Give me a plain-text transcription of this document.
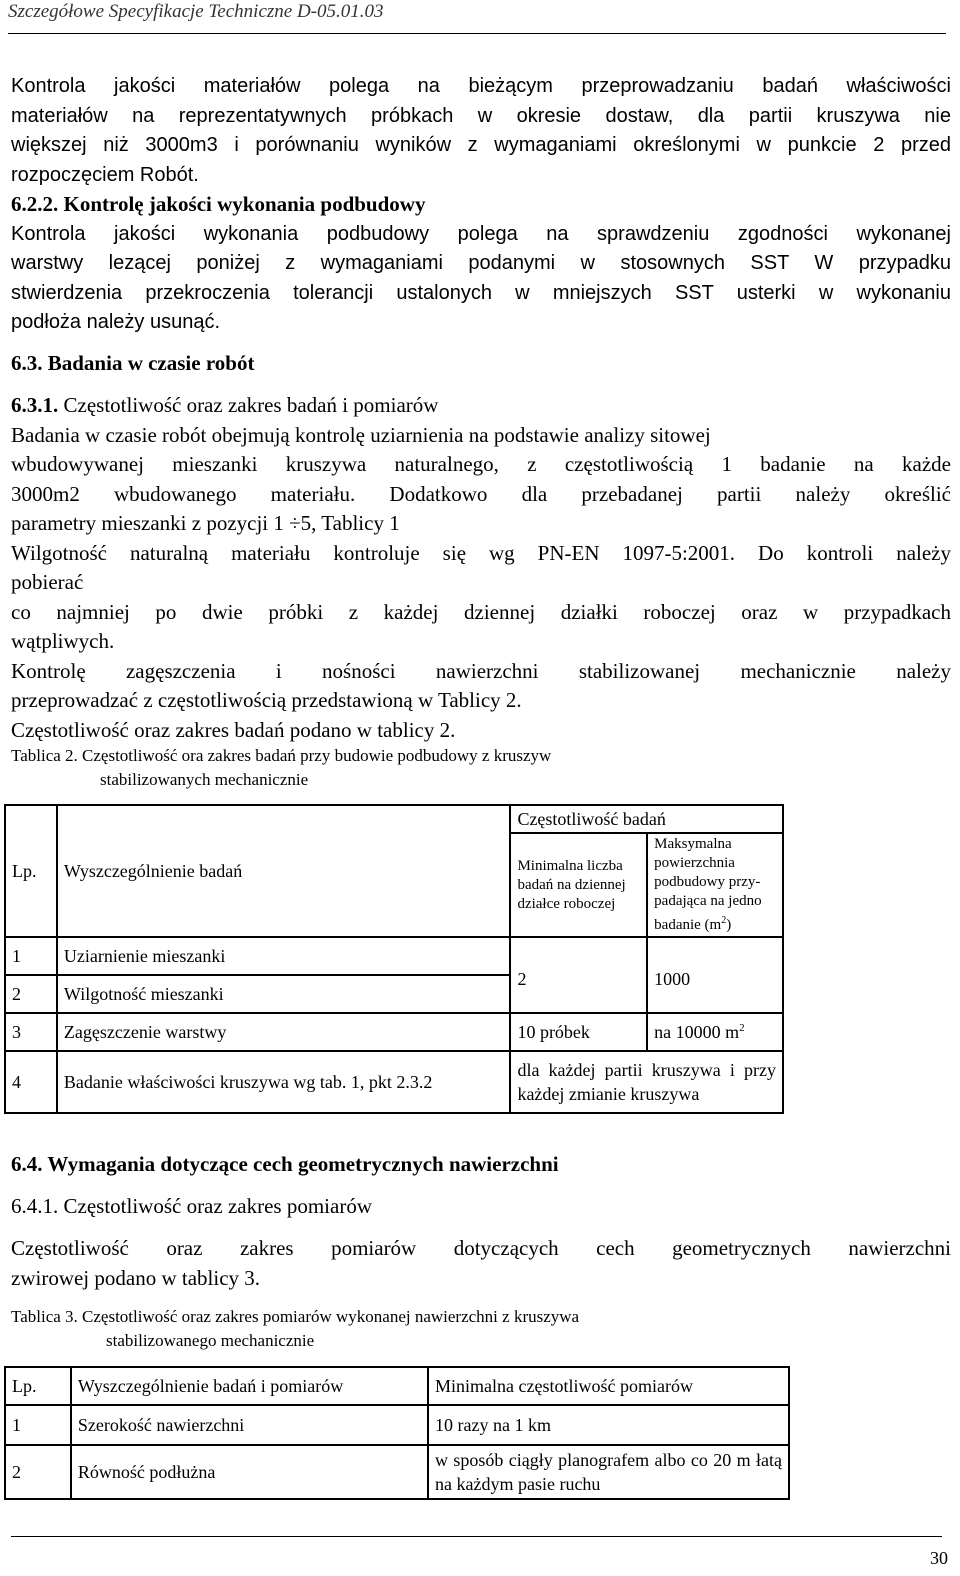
Szczegółowe Specyfikacje Techniczne D-05.01.03
Kontrola jakości materiałów polega na bieżącym przeprowadzaniu badań właściwości
materiałów na reprezentatywnych próbkach w okresie dostaw, dla partii kruszywa nie
większej niż 3000m3 i porównaniu wyników z wymaganiami określonymi w punkcie 2 przed
rozpoczęciem Robót.
6.2.2. Kontrolę jakości wykonania podbudowy
Kontrola jakości wykonania podbudowy polega na sprawdzeniu zgodności wykonanej
warstwy lezącej poniżej z wymaganiami podanymi w stosownych SST W przypadku
stwierdzenia przekroczenia tolerancji ustalonych w mniejszych SST usterki w wykonaniu
podłoża należy usunąć.
6.3. Badania w czasie robót
6.3.1. Częstotliwość oraz zakres badań i pomiarów
Badania w czasie robót obejmują kontrolę uziarnienia na podstawie analizy sitowej
wbudowywanej mieszanki kruszywa naturalnego, z częstotliwością 1 badanie na każde
3000m2 wbudowanego materiału. Dodatkowo dla przebadanej partii należy określić
parametry mieszanki z pozycji 1 ÷5, Tablicy 1
Wilgotność naturalną materiału kontroluje się wg PN-EN 1097-5:2001. Do kontroli należy
pobierać
co najmniej po dwie próbki z każdej dziennej działki roboczej oraz w przypadkach
wątpliwych.
Kontrolę zagęszczenia i nośności nawierzchni stabilizowanej mechanicznie należy
przeprowadzać z częstotliwością przedstawioną w Tablicy 2.
Częstotliwość oraz zakres badań podano w tablicy 2.
Tablica 2. Częstotliwość ora zakres badań przy budowie podbudowy z kruszyw
stabilizowanych mechanicznie
Lp.	Wyszczególnienie badań	Częstotliwość badań	
		Minimalna liczba badań na dziennej działce roboczej	Maksymalna powierzchnia podbudowy przy-padająca na jedno badanie $(m^2)$
1	Uziarnienie mieszanki	2	1000
2	Wilgotność mieszanki		
3	Zagęszczenie warstwy	10 próbek	na 10000 $m^2$
4	Badanie właściwości kruszywa wg tab. 1, pkt 2.3.2	dla każdej partii kruszywa i przy każdej zmianie kruszywa	
6.4. Wymagania dotyczące cech geometrycznych nawierzchni
6.4.1. Częstotliwość oraz zakres pomiarów
Częstotliwość oraz zakres pomiarów dotyczących cech geometrycznych nawierzchni
zwirowej podano w tablicy 3.
Tablica 3. Częstotliwość oraz zakres pomiarów wykonanej nawierzchni z kruszywa
stabilizowanego mechanicznie
Lp.	Wyszczególnienie badań i pomiarów	Minimalna częstotliwość pomiarów
1	Szerokość nawierzchni	10 razy na 1 km
2	Równość podłużna	w sposób ciągły planografem albo co 20 m łatą na każdym pasie ruchu
30
